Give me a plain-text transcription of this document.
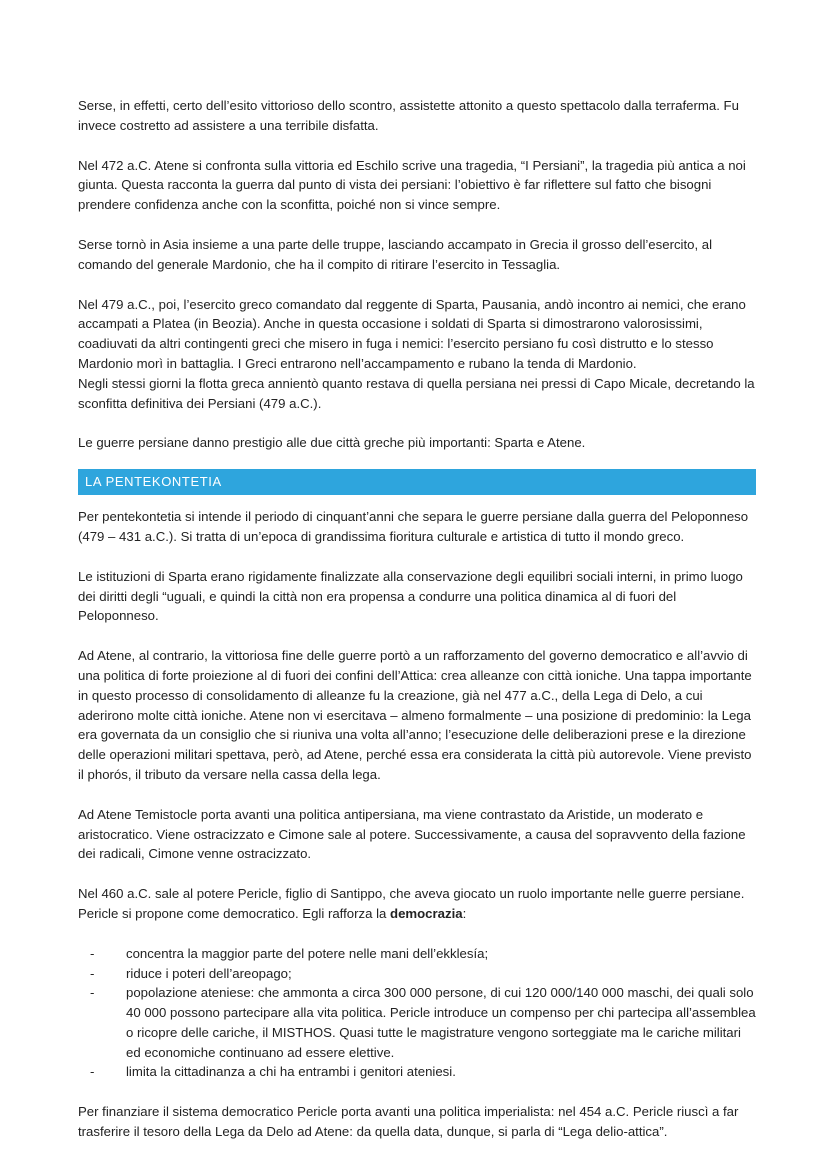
Serse, in effetti, certo dell’esito vittorioso dello scontro, assistette attonito a questo spettacolo dalla terraferma. Fu invece costretto ad assistere a una terribile disfatta.

Nel 472 a.C. Atene si confronta sulla vittoria ed Eschilo scrive una tragedia, “I Persiani”, la tragedia più antica a noi giunta. Questa racconta la guerra dal punto di vista dei persiani: l’obiettivo è far riflettere sul fatto che bisogni prendere confidenza anche con la sconfitta, poiché non si vince sempre.

Serse tornò in Asia insieme a una parte delle truppe, lasciando accampato in Grecia il grosso dell’esercito, al comando del generale Mardonio, che ha il compito di ritirare l’esercito in Tessaglia.

Nel 479 a.C., poi, l’esercito greco comandato dal reggente di Sparta, Pausania, andò incontro ai nemici, che erano accampati a Platea (in Beozia). Anche in questa occasione i soldati di Sparta si dimostrarono valorosissimi, coadiuvati da altri contingenti greci che misero in fuga i nemici: l’esercito persiano fu così distrutto e lo stesso Mardonio morì in battaglia. I Greci entrarono nell’accampamento e rubano la tenda di Mardonio.

Negli stessi giorni la flotta greca annientò quanto restava di quella persiana nei pressi di Capo Micale, decretando la sconfitta definitiva dei Persiani (479 a.C.).

Le guerre persiane danno prestigio alle due città greche più importanti: Sparta e Atene.

LA PENTEKONTETIA

Per pentekontetia si intende il periodo di cinquant’anni che separa le guerre persiane dalla guerra del Peloponneso (479 – 431 a.C.). Si tratta di un’epoca di grandissima fioritura culturale e artistica di tutto il mondo greco.

Le istituzioni di Sparta erano rigidamente finalizzate alla conservazione degli equilibri sociali interni, in primo luogo dei diritti degli “uguali, e quindi la città non era propensa a condurre una politica dinamica al di fuori del Peloponneso.

Ad Atene, al contrario, la vittoriosa fine delle guerre portò a un rafforzamento del governo democratico e all’avvio di una politica di forte proiezione al di fuori dei confini dell’Attica: crea alleanze con città ioniche. Una tappa importante in questo processo di consolidamento di alleanze fu la creazione, già nel 477 a.C., della Lega di Delo, a cui aderirono molte città ioniche. Atene non vi esercitava – almeno formalmente – una posizione di predominio: la Lega era governata da un consiglio che si riuniva una volta all’anno; l’esecuzione delle deliberazioni prese e la direzione delle operazioni militari spettava, però, ad Atene, perché essa era considerata la città più autorevole. Viene previsto il phorós, il tributo da versare nella cassa della lega.

Ad Atene Temistocle porta avanti una politica antipersiana, ma viene contrastato da Aristide, un moderato e aristocratico. Viene ostracizzato e Cimone sale al potere. Successivamente, a causa del sopravvento della fazione dei radicali, Cimone venne ostracizzato.

Nel 460 a.C. sale al potere Pericle, figlio di Santippo, che aveva giocato un ruolo importante nelle guerre persiane. Pericle si propone come democratico. Egli rafforza la democrazia:

- concentra la maggior parte del potere nelle mani dell’ekklesía;
- riduce i poteri dell’areopago;
- popolazione ateniese: che ammonta a circa 300 000 persone, di cui 120 000/140 000 maschi, dei quali solo 40 000 possono partecipare alla vita politica. Pericle introduce un compenso per chi partecipa all’assemblea o ricopre delle cariche, il MISTHOS. Quasi tutte le magistrature vengono sorteggiate ma le cariche militari ed economiche continuano ad essere elettive.
- limita la cittadinanza a chi ha entrambi i genitori ateniesi.

Per finanziare il sistema democratico Pericle porta avanti una politica imperialista: nel 454 a.C. Pericle riuscì a far trasferire il tesoro della Lega da Delo ad Atene: da quella data, dunque, si parla di “Lega delio-attica”.
